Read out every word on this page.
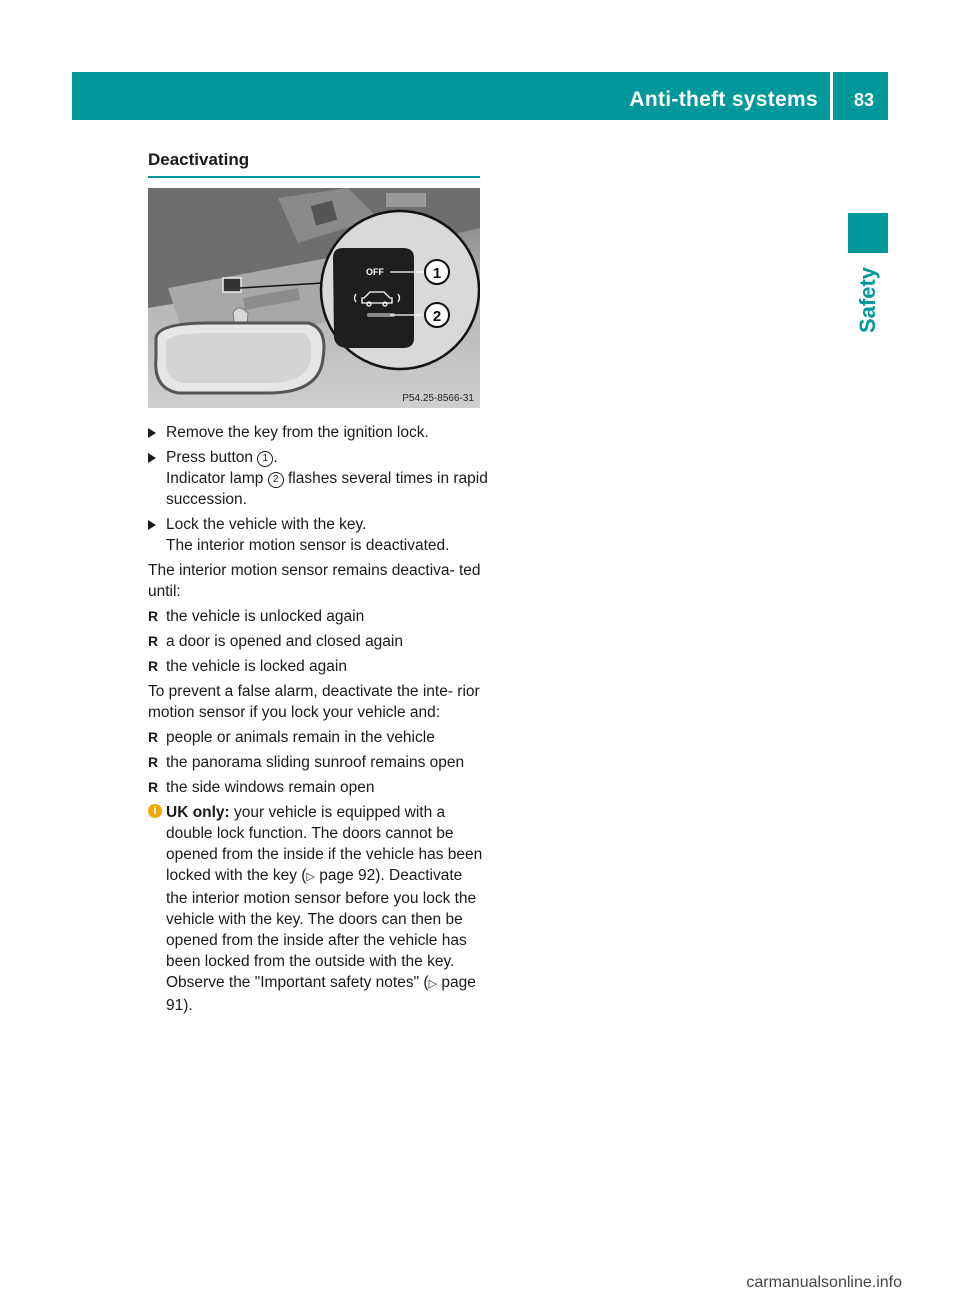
Anti-theft systems 83
Safety
Deactivating
OFF	1
2
P54.25-8566-31
Remove the key from the ignition lock.
Press button 1 .
Indicator lamp 2 flashes several times in rapid succession.
Lock the vehicle with the key.
The interior motion sensor is deactivated.
The interior motion sensor remains deactiva- ted until:
R the vehicle is unlocked again
R a door is opened and closed again
R the vehicle is locked again
To prevent a false alarm, deactivate the inte- rior motion sensor if you lock your vehicle and:
R people or animals remain in the vehicle
R the panorama sliding sunroof remains open
R the side windows remain open
i UK only: your vehicle is equipped with a double lock function. The doors cannot be opened from the inside if the vehicle has been locked with the key (▷ page 92). Deactivate the interior motion sensor before you lock the vehicle with the key. The doors can then be opened from the inside after the vehicle has been locked from the outside with the key. Observe the "Important safety notes" (▷ page 91).
carmanualsonline.info
